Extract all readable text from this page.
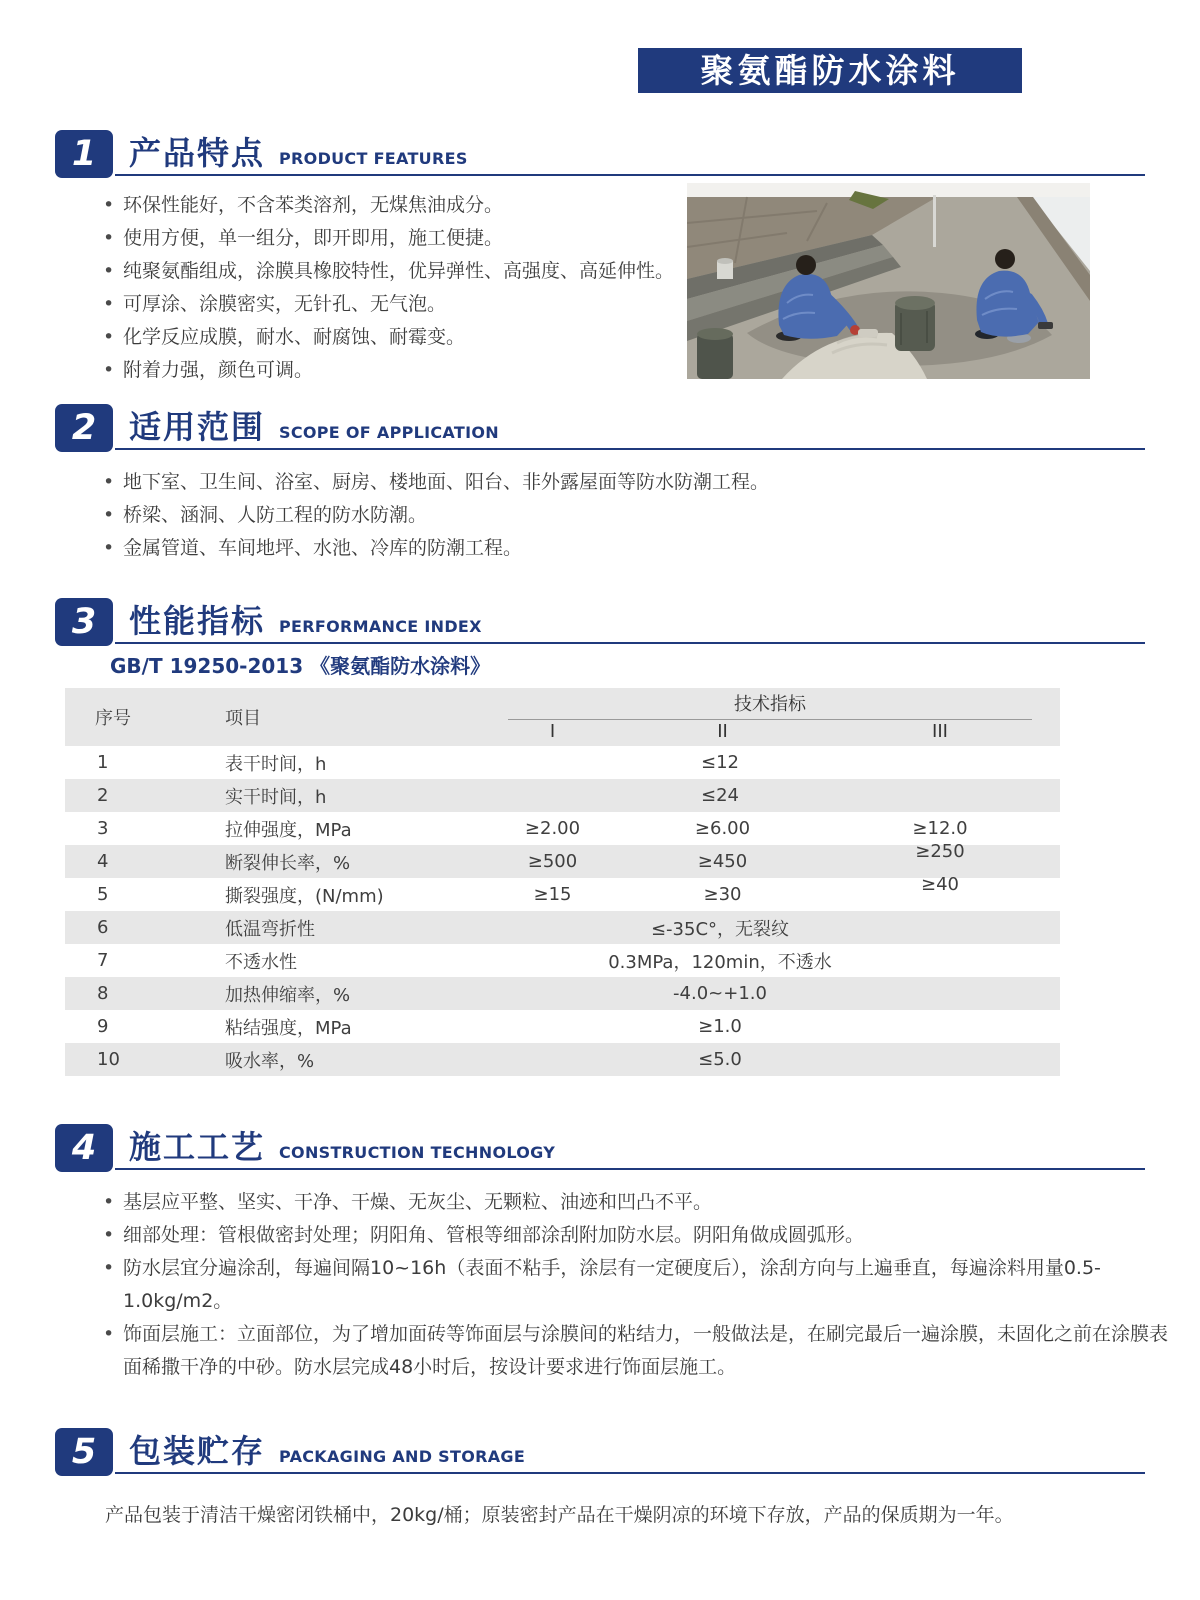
聚氨酯防水涂料
1	产品特点 PRODUCT FEATURES
• 环保性能好，不含苯类溶剂，无煤焦油成分。
• 使用方便，单一组分，即开即用，施工便捷。
• 纯聚氨酯组成，涂膜具橡胶特性，优异弹性、高强度、高延伸性。
• 可厚涂、涂膜密实，无针孔、无气泡。
• 化学反应成膜，耐水、耐腐蚀、耐霉变。
• 附着力强，颜色可调。
2	适用范围 SCOPE OF APPLICATION
• 地下室、卫生间、浴室、厨房、楼地面、阳台、非外露屋面等防水防潮工程。
• 桥梁、涵洞、人防工程的防水防潮。
• 金属管道、车间地坪、水池、冷库的防潮工程。
3	性能指标 PERFORMANCE INDEX
GB/T 19250-2013 《聚氨酯防水涂料》
序号	项目
技术指标
I	II	III
1	表干时间，h	≤12
2	实干时间，h	≤24
3	拉伸强度，MPa	≥2.00	≥6.00	≥12.0
4	断裂伸长率，%	≥500	≥450	≥250
5	撕裂强度，(N/mm)	≥15	≥30	≥40
6	低温弯折性	≤-35C°，无裂纹
7	不透水性	0.3MPa，120min，不透水
8	加热伸缩率，%	-4.0~+1.0
9	粘结强度，MPa	≥1.0
10	吸水率，%	≤5.0
4	施工工艺 CONSTRUCTION TECHNOLOGY
• 基层应平整、坚实、干净、干燥、无灰尘、无颗粒、油迹和凹凸不平。
• 细部处理：管根做密封处理；阴阳角、管根等细部涂刮附加防水层。阴阳角做成圆弧形。
• 防水层宜分遍涂刮，每遍间隔10~16h（表面不粘手，涂层有一定硬度后），涂刮方向与上遍垂直，每遍涂料用量0.5-1.0kg/m2。
• 饰面层施工：立面部位，为了增加面砖等饰面层与涂膜间的粘结力，一般做法是，在刷完最后一遍涂膜，未固化之前在涂膜表面稀撒干净的中砂。防水层完成48小时后，按设计要求进行饰面层施工。
5	包装贮存 PACKAGING AND STORAGE
产品包装于清洁干燥密闭铁桶中，20kg/桶；原装密封产品在干燥阴凉的环境下存放，产品的保质期为一年。
